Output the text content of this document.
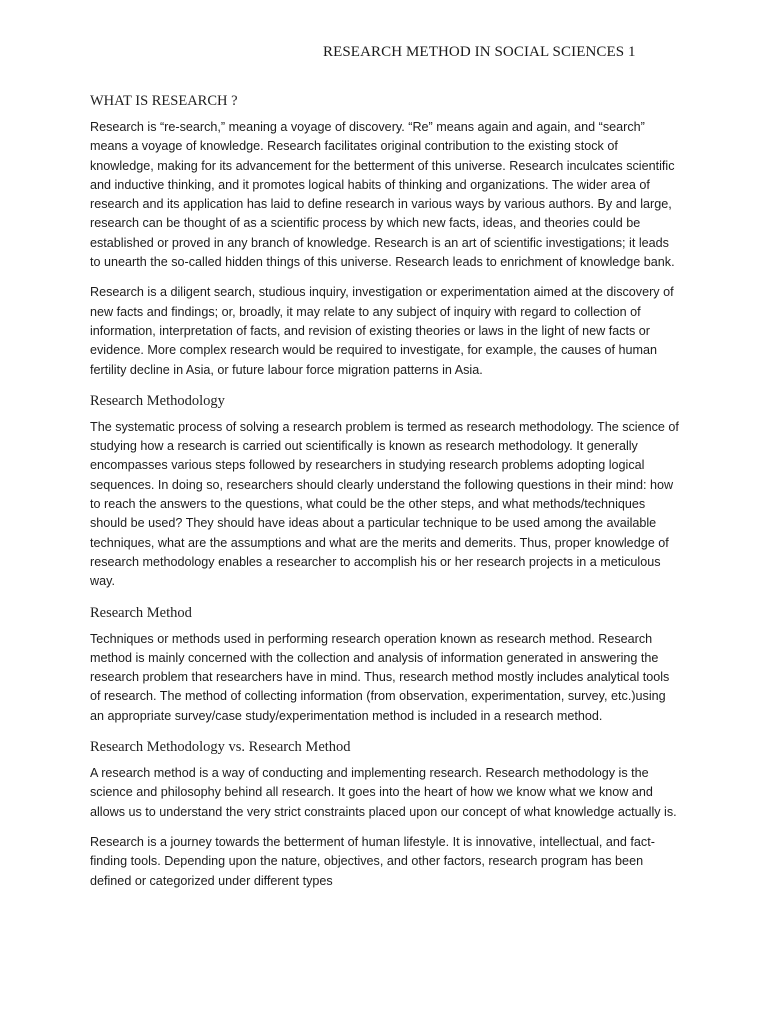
RESEARCH METHOD IN SOCIAL SCIENCES 1
WHAT IS RESEARCH ?

Research is “re-search,” meaning a voyage of discovery. “Re” means again and again, and “search” means a voyage of knowledge. Research facilitates original contribution to the existing stock of knowledge, making for its advancement for the betterment of this universe. Research inculcates scientific and inductive thinking, and it promotes logical habits of thinking and organizations. The wider area of research and its application has laid to define research in various ways by various authors. By and large, research can be thought of as a scientific process by which new facts, ideas, and theories could be established or proved in any branch of knowledge. Research is an art of scientific investigations; it leads to unearth the so-called hidden things of this universe. Research leads to enrichment of knowledge bank.

Research is a diligent search, studious inquiry, investigation or experimentation aimed at the discovery of new facts and findings; or, broadly, it may relate to any subject of inquiry with regard to collection of information, interpretation of facts, and revision of existing theories or laws in the light of new facts or evidence. More complex research would be required to investigate, for example, the causes of human fertility decline in Asia, or future labour force migration patterns in Asia.

Research Methodology

The systematic process of solving a research problem is termed as research methodology. The science of studying how a research is carried out scientifically is known as research methodology. It generally encompasses various steps followed by researchers in studying research problems adopting logical sequences. In doing so, researchers should clearly understand the following questions in their mind: how to reach the answers to the questions, what could be the other steps, and what methods/techniques should be used? They should have ideas about a particular technique to be used among the available techniques, what are the assumptions and what are the merits and demerits. Thus, proper knowledge of research methodology enables a researcher to accomplish his or her research projects in a meticulous way.

Research Method

Techniques or methods used in performing research operation known as research method. Research method is mainly concerned with the collection and analysis of information generated in answering the research problem that researchers have in mind. Thus, research method mostly includes analytical tools of research. The method of collecting information (from observation, experimentation, survey, etc.)using an appropriate survey/case study/experimentation method is included in a research method.

Research Methodology vs. Research Method

A research method is a way of conducting and implementing research. Research methodology is the science and philosophy behind all research. It goes into the heart of how we know what we know and allows us to understand the very strict constraints placed upon our concept of what knowledge actually is.

Research is a journey towards the betterment of human lifestyle. It is innovative, intellectual, and fact-finding tools. Depending upon the nature, objectives, and other factors, research program has been defined or categorized under different types
